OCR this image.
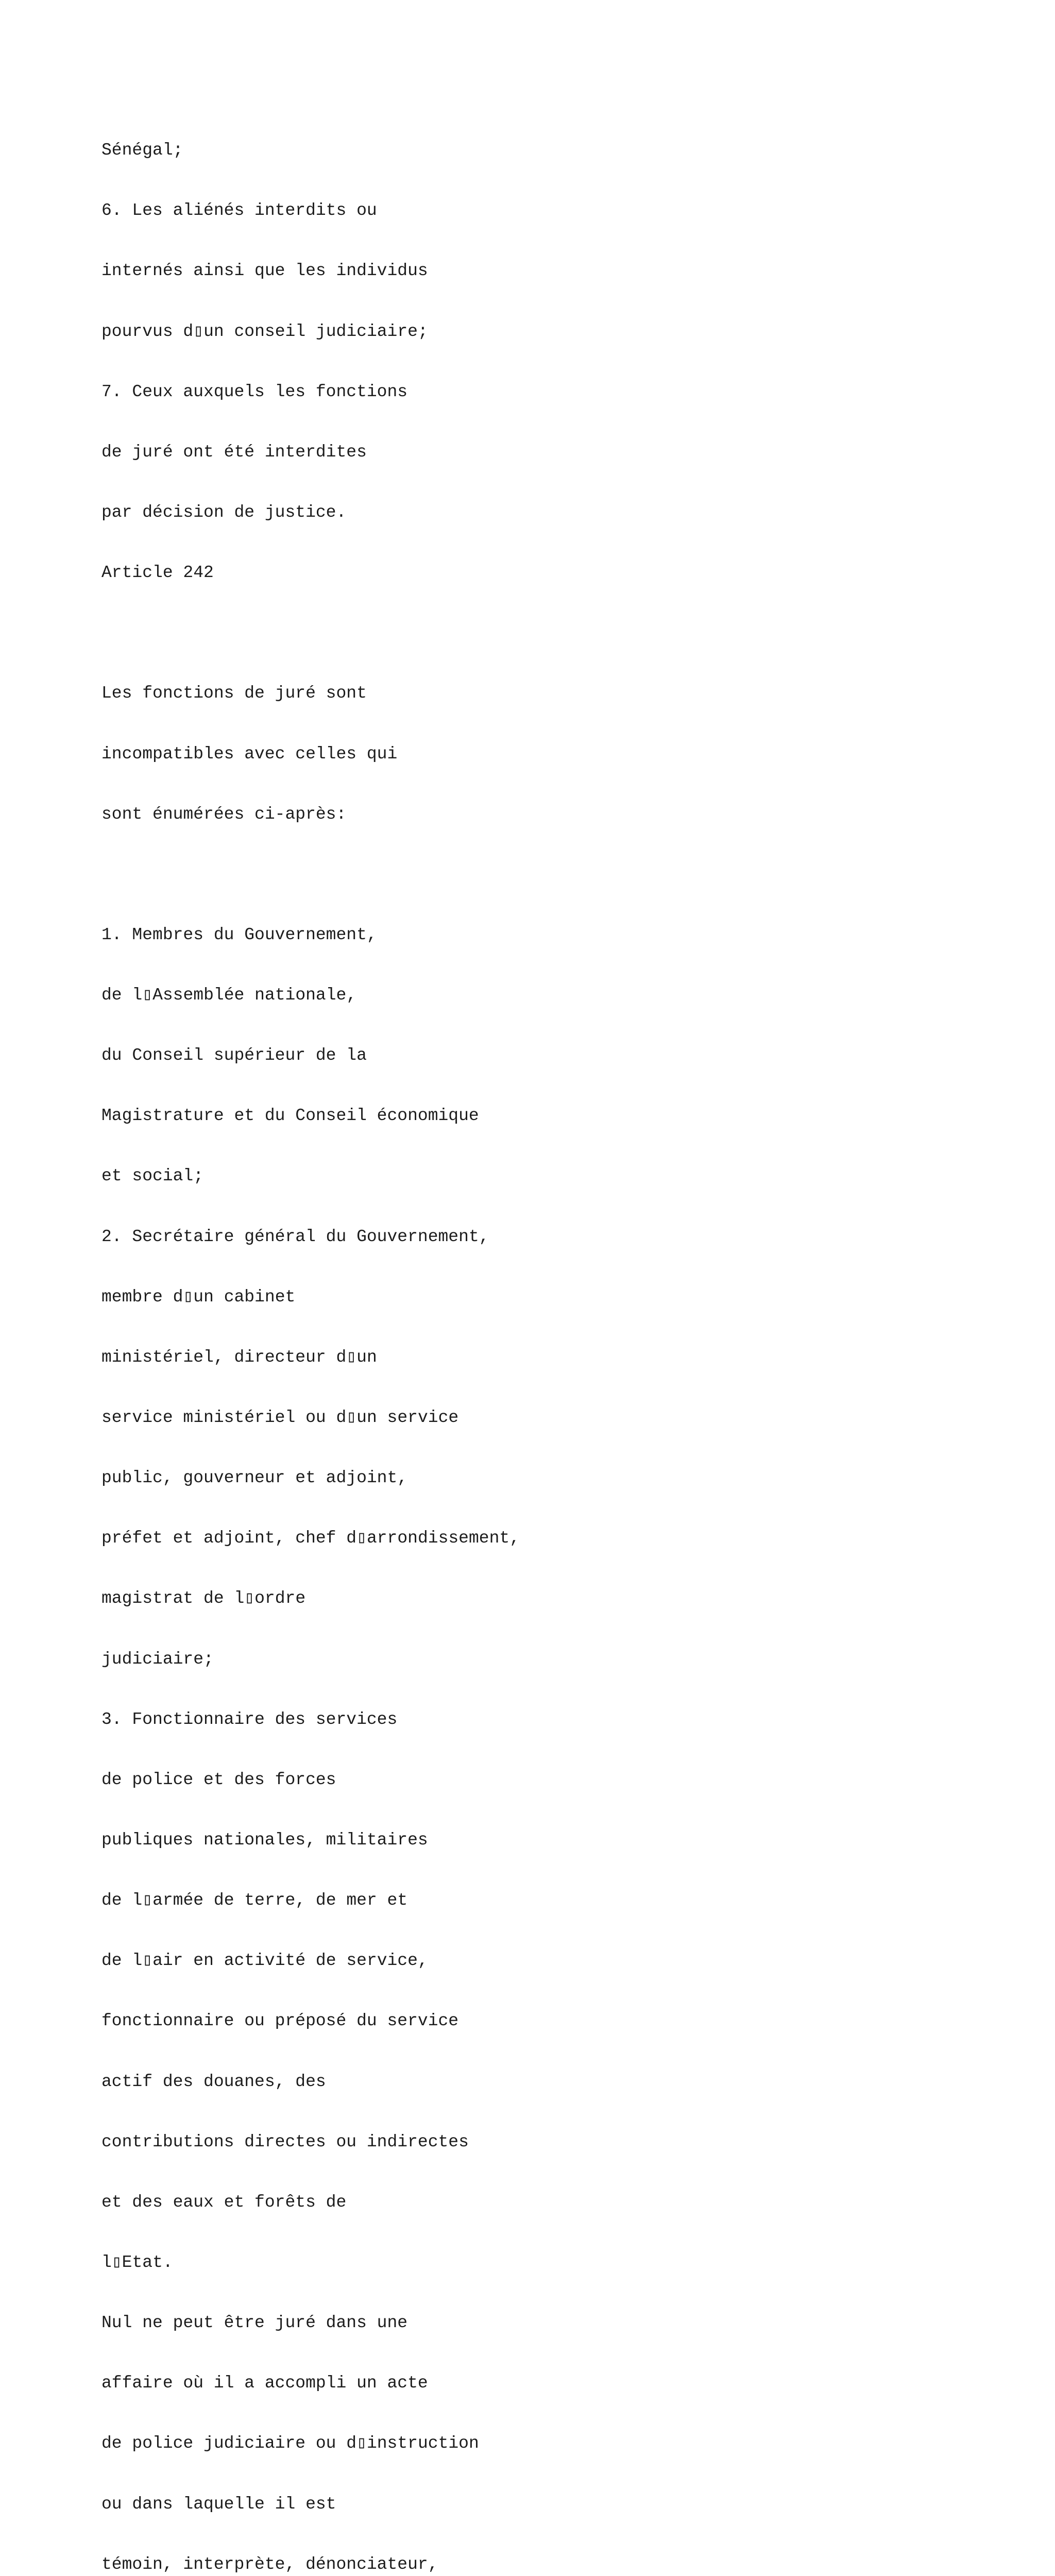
Sénégal;

6. Les aliénés interdits ou

internés ainsi que les individus

pourvus d▯un conseil judiciaire;

7. Ceux auxquels les fonctions

de juré ont été interdites

par décision de justice.

Article 242

Les fonctions de juré sont

incompatibles avec celles qui

sont énumérées ci-après:

1. Membres du Gouvernement,

de l▯Assemblée nationale,

du Conseil supérieur de la

Magistrature et du Conseil économique

et social;

2. Secrétaire général du Gouvernement,

membre d▯un cabinet

ministériel, directeur d▯un

service ministériel ou d▯un service

public, gouverneur et adjoint,

préfet et adjoint, chef d▯arrondissement,

magistrat de l▯ordre

judiciaire;

3. Fonctionnaire des services

de police et des forces

publiques nationales, militaires

de l▯armée de terre, de mer et

de l▯air en activité de service,

fonctionnaire ou préposé du service

actif des douanes, des

contributions directes ou indirectes

et des eaux et forêts de

l▯Etat.

Nul ne peut être juré dans une

affaire où il a accompli un acte

de police judiciaire ou d▯instruction

ou dans laquelle il est

témoin, interprète, dénonciateur,
